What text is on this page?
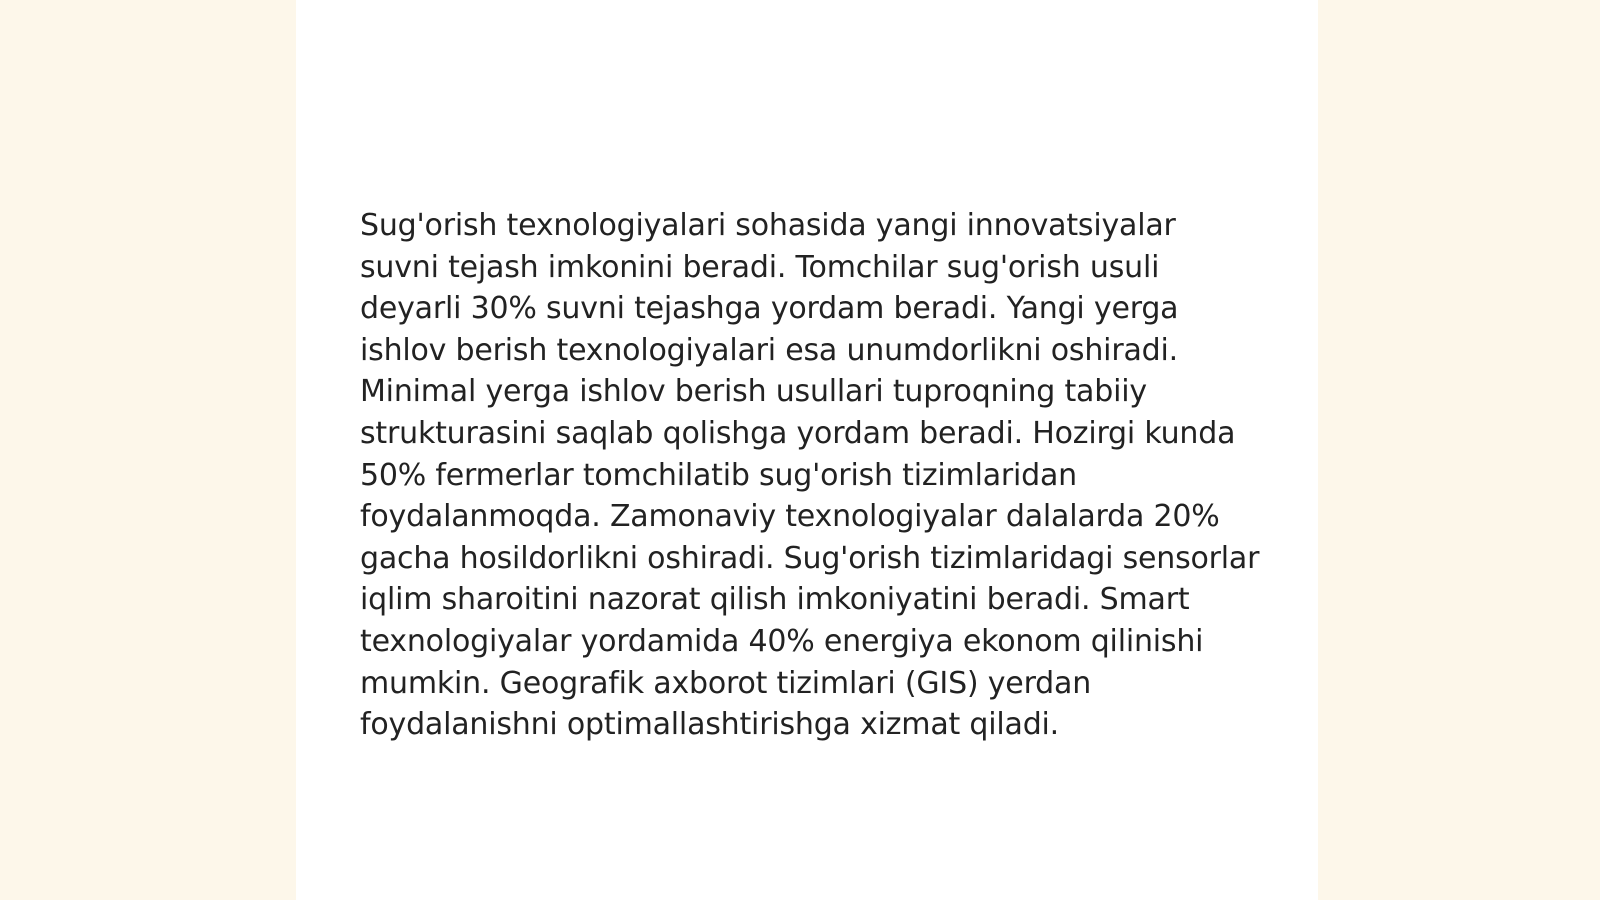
Sug'orish texnologiyalari sohasida yangi innovatsiyalar suvni tejash imkonini beradi. Tomchilar sug'orish usuli deyarli 30% suvni tejashga yordam beradi. Yangi yerga ishlov berish texnologiyalari esa unumdorlikni oshiradi. Minimal yerga ishlov berish usullari tuproqning tabiiy strukturasini saqlab qolishga yordam beradi. Hozirgi kunda 50% fermerlar tomchilatib sug'orish tizimlaridan foydalanmoqda. Zamonaviy texnologiyalar dalalarda 20% gacha hosildorlikni oshiradi. Sug'orish tizimlaridagi sensorlar iqlim sharoitini nazorat qilish imkoniyatini beradi. Smart texnologiyalar yordamida 40% energiya ekonom qilinishi mumkin. Geografik axborot tizimlari (GIS) yerdan foydalanishni optimallashtirishga xizmat qiladi.
